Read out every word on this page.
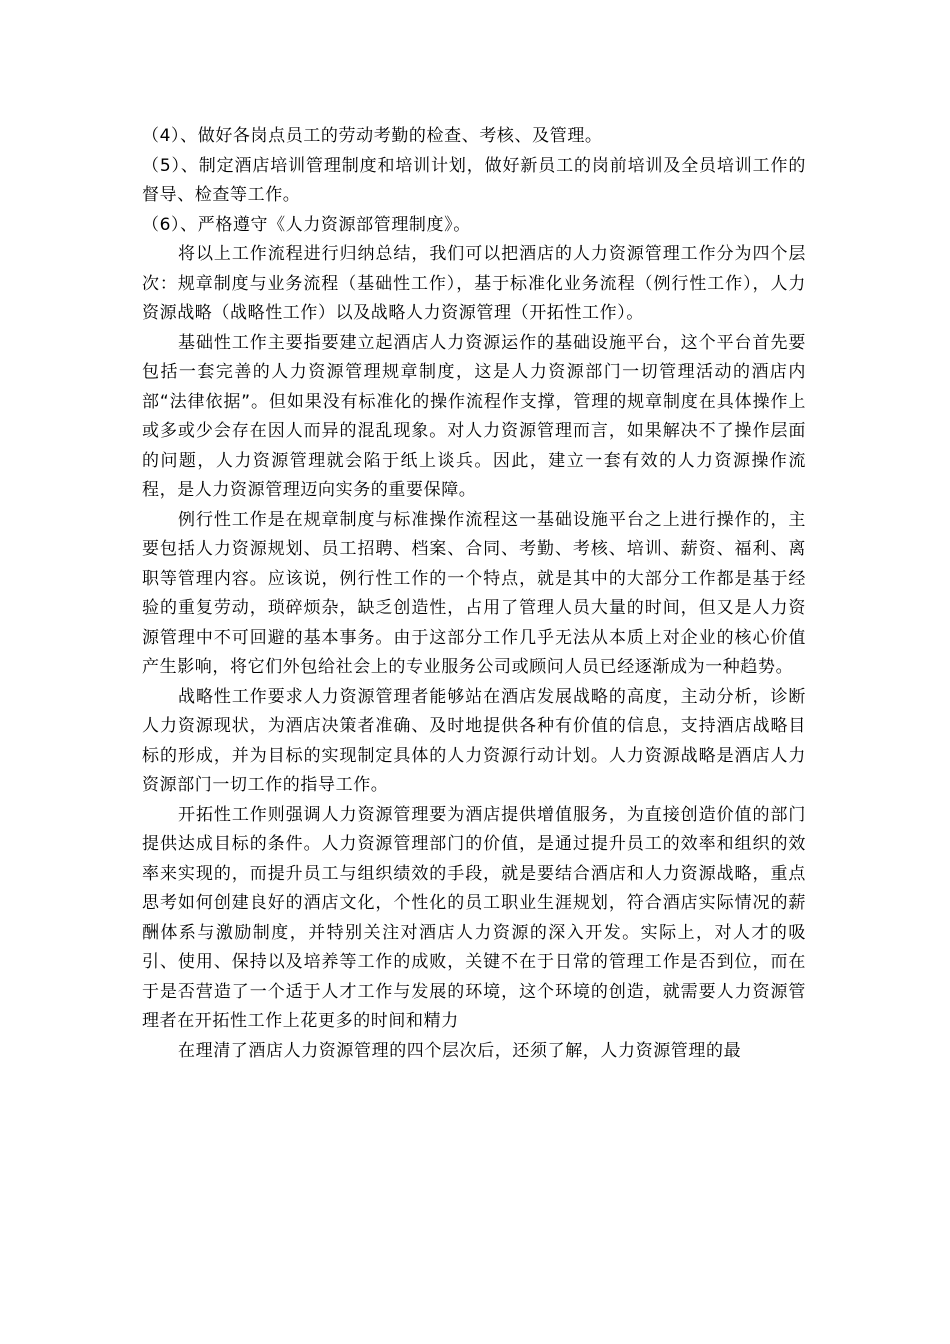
（4）、做好各岗点员工的劳动考勤的检查、考核、及管理。

（5）、制定酒店培训管理制度和培训计划，做好新员工的岗前培训及全员培训工作的督导、检查等工作。

（6）、严格遵守《人力资源部管理制度》。

将以上工作流程进行归纳总结，我们可以把酒店的人力资源管理工作分为四个层次：规章制度与业务流程（基础性工作），基于标准化业务流程（例行性工作），人力资源战略（战略性工作）以及战略人力资源管理（开拓性工作）。

基础性工作主要指要建立起酒店人力资源运作的基础设施平台，这个平台首先要包括一套完善的人力资源管理规章制度，这是人力资源部门一切管理活动的酒店内部“法律依据”。但如果没有标准化的操作流程作支撑，管理的规章制度在具体操作上或多或少会存在因人而异的混乱现象。对人力资源管理而言，如果解决不了操作层面的问题，人力资源管理就会陷于纸上谈兵。因此，建立一套有效的人力资源操作流程，是人力资源管理迈向实务的重要保障。

例行性工作是在规章制度与标准操作流程这一基础设施平台之上进行操作的，主要包括人力资源规划、员工招聘、档案、合同、考勤、考核、培训、薪资、福利、离职等管理内容。应该说，例行性工作的一个特点，就是其中的大部分工作都是基于经验的重复劳动，琐碎烦杂，缺乏创造性，占用了管理人员大量的时间，但又是人力资源管理中不可回避的基本事务。由于这部分工作几乎无法从本质上对企业的核心价值产生影响，将它们外包给社会上的专业服务公司或顾问人员已经逐渐成为一种趋势。

战略性工作要求人力资源管理者能够站在酒店发展战略的高度，主动分析，诊断人力资源现状，为酒店决策者准确、及时地提供各种有价值的信息，支持酒店战略目标的形成，并为目标的实现制定具体的人力资源行动计划。人力资源战略是酒店人力资源部门一切工作的指导工作。

开拓性工作则强调人力资源管理要为酒店提供增值服务，为直接创造价值的部门提供达成目标的条件。人力资源管理部门的价值，是通过提升员工的效率和组织的效率来实现的，而提升员工与组织绩效的手段，就是要结合酒店和人力资源战略，重点思考如何创建良好的酒店文化，个性化的员工职业生涯规划，符合酒店实际情况的薪酬体系与激励制度，并特别关注对酒店人力资源的深入开发。实际上，对人才的吸引、使用、保持以及培养等工作的成败，关键不在于日常的管理工作是否到位，而在于是否营造了一个适于人才工作与发展的环境，这个环境的创造，就需要人力资源管理者在开拓性工作上花更多的时间和精力

在理清了酒店人力资源管理的四个层次后，还须了解，人力资源管理的最
